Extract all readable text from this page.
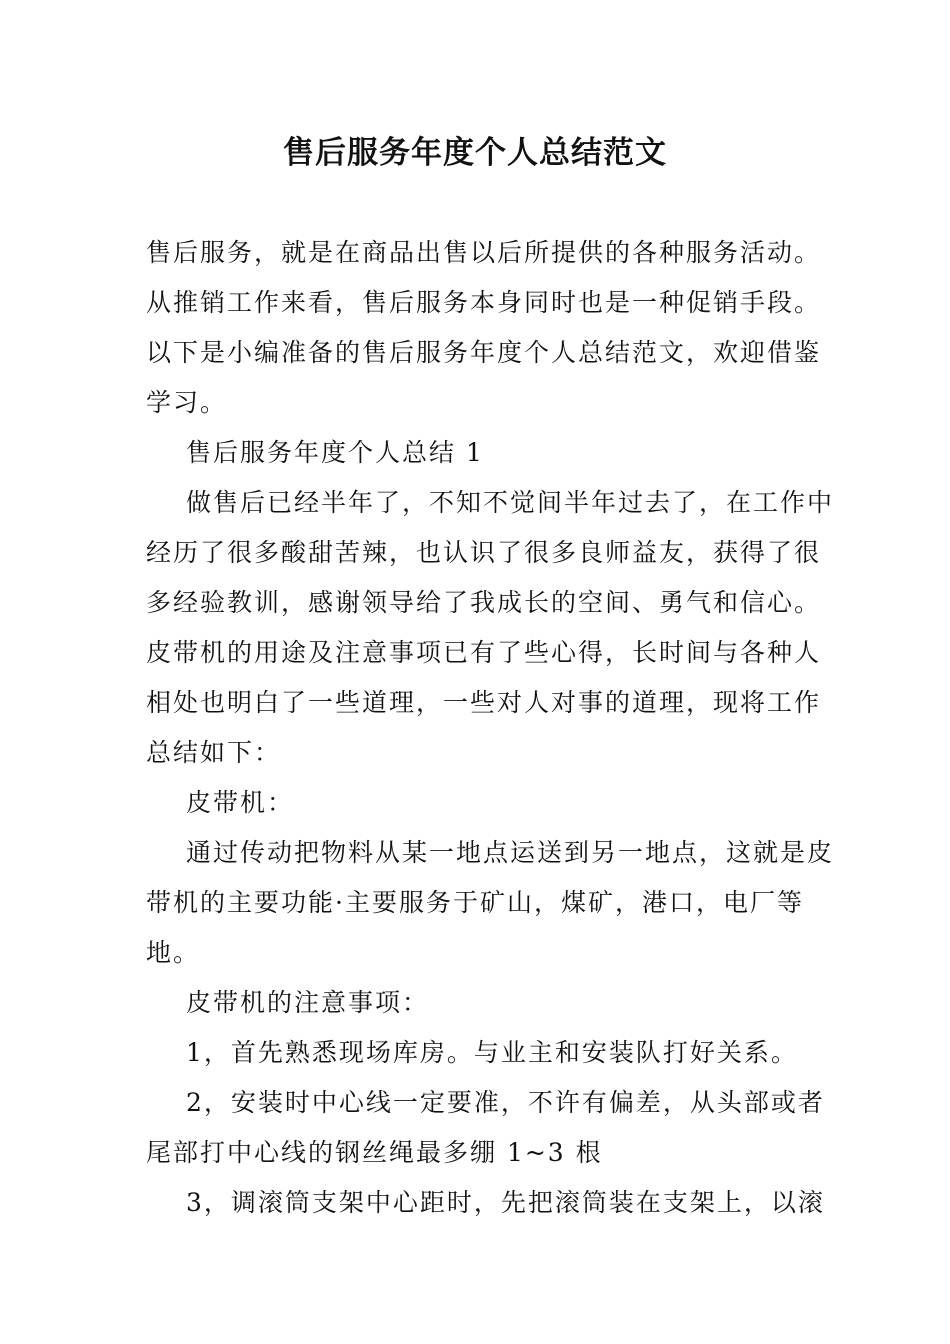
售后服务年度个人总结范文
售后服务，就是在商品出售以后所提供的各种服务活动。
从推销工作来看，售后服务本身同时也是一种促销手段。
以下是小编准备的售后服务年度个人总结范文，欢迎借鉴
学习。
售后服务年度个人总结 1
做售后已经半年了，不知不觉间半年过去了，在工作中
经历了很多酸甜苦辣，也认识了很多良师益友，获得了很
多经验教训，感谢领导给了我成长的空间、勇气和信心。
皮带机的用途及注意事项已有了些心得，长时间与各种人
相处也明白了一些道理，一些对人对事的道理，现将工作
总结如下：
皮带机：
通过传动把物料从某一地点运送到另一地点，这就是皮
带机的主要功能·主要服务于矿山，煤矿，港口，电厂等
地。
皮带机的注意事项：
1，首先熟悉现场库房。与业主和安装队打好关系。
2，安装时中心线一定要准，不许有偏差，从头部或者
尾部打中心线的钢丝绳最多绷 1~3 根
3，调滚筒支架中心距时，先把滚筒装在支架上，以滚
